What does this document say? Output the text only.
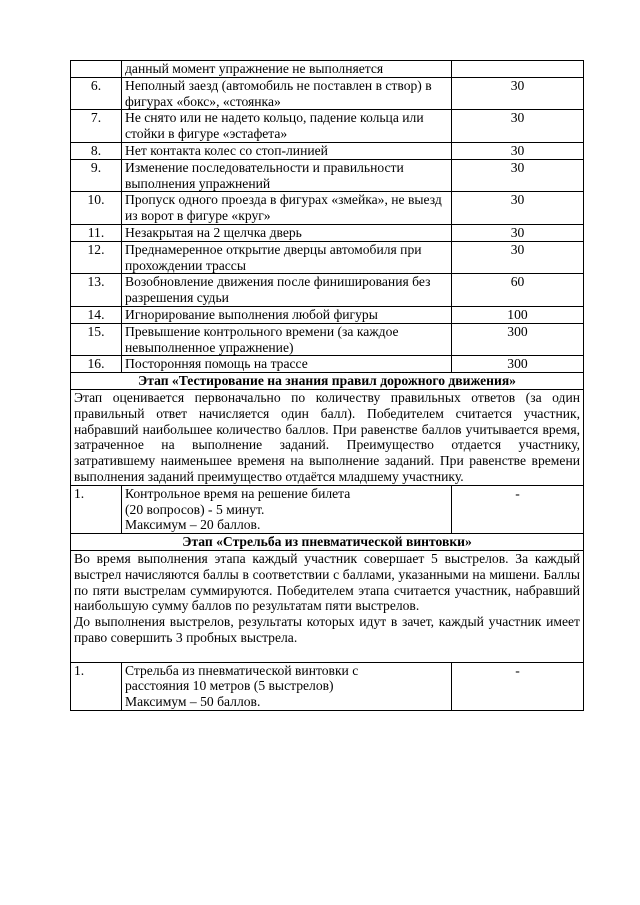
	данный момент упражнение не выполняется	
6.	Неполный заезд (автомобиль не поставлен в створ) в фигурах «бокс», «стоянка»	30
7.	Не снято или не надето кольцо, падение кольца или стойки в фигуре «эстафета»	30
8.	Нет контакта колес со стоп-линией	30
9.	Изменение последовательности и правильности выполнения упражнений	30
10.	Пропуск одного проезда в фигурах «змейка», не выезд из ворот в фигуре «круг»	30
11.	Незакрытая на 2 щелчка дверь	30
12.	Преднамеренное открытие дверцы автомобиля при прохождении трассы	30
13.	Возобновление движения после финиширования без разрешения судьи	60
14.	Игнорирование выполнения любой фигуры	100
15.	Превышение контрольного времени (за каждое невыполненное упражнение)	300
16.	Посторонняя помощь на трассе	300
Этап «Тестирование на знания правил дорожного движения»		

Этап оценивается первоначально по количеству правильных ответов (за один правильный ответ начисляется один балл). Победителем считается участник, набравший наибольшее количество баллов. При равенстве баллов учитывается время, затраченное на выполнение заданий. Преимущество отдается участнику, затратившему наименьшее временя на выполнение заданий. При равенстве времени выполнения заданий преимущество отдаётся младшему участнику.		

1.	Контрольное время на решение билета
(20 вопросов) - 5 минут.
Максимум – 20 баллов.	-
Этап «Стрельба из пневматической винтовки»		

Во время выполнения этапа каждый участник совершает 5 выстрелов. За каждый выстрел начисляются баллы в соответствии с баллами, указанными на мишени. Баллы по пяти выстрелам суммируются. Победителем этапа считается участник, набравший наибольшую сумму баллов по результатам пяти выстрелов.

До выполнения выстрелов, результаты которых идут в зачет, каждый участник имеет право совершить 3 пробных выстрела.		

1.	Стрельба из пневматической винтовки с
расстояния 10 метров (5 выстрелов)
Максимум – 50 баллов.	-
